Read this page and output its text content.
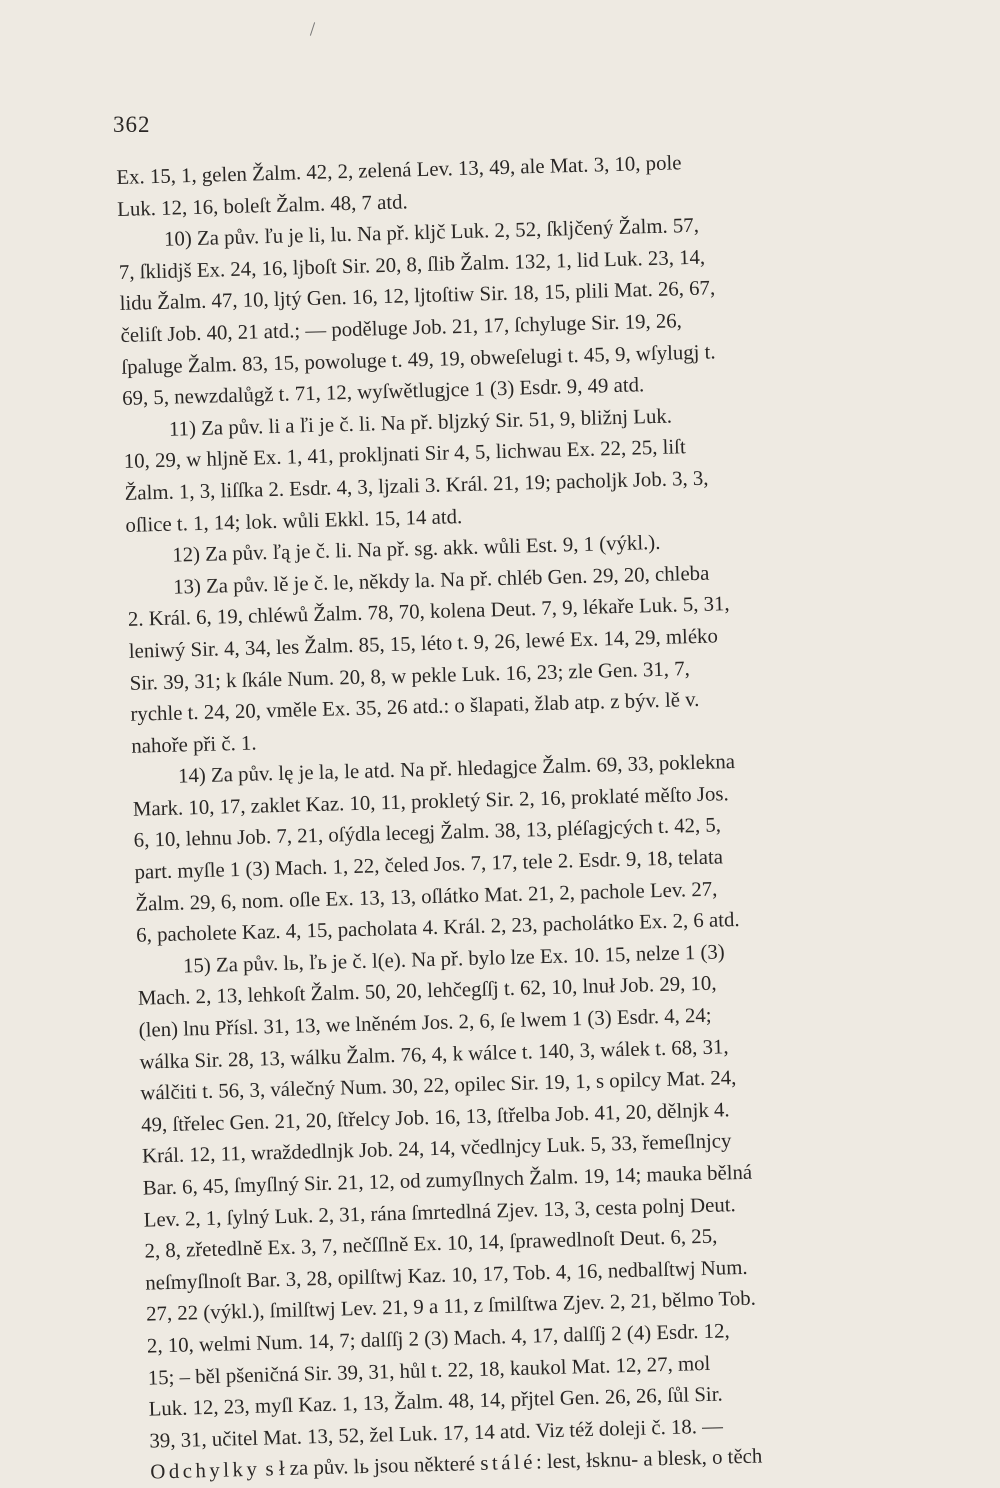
362
Ex. 15, 1, gelen Žalm. 42, 2, zelená Lev. 13, 49, ale Mat. 3, 10, pole
Luk. 12, 16, boleſt Žalm. 48, 7 atd.
10) Za pův. ľu je li, lu. Na př. kljč Luk. 2, 52, ſkljčený Žalm. 57,
7, ſklidjš Ex. 24, 16, ljboſt Sir. 20, 8, ſlib Žalm. 132, 1, lid Luk. 23, 14,
lidu Žalm. 47, 10, ljtý Gen. 16, 12, ljtoſtiw Sir. 18, 15, plili Mat. 26, 67,
čeliſt Job. 40, 21 atd.; — poděluge Job. 21, 17, ſchyluge Sir. 19, 26,
ſpaluge Žalm. 83, 15, powoluge t. 49, 19, obweſelugi t. 45, 9, wſylugj t.
69, 5, newzdalůgž t. 71, 12, wyſwětlugjce 1 (3) Esdr. 9, 49 atd.
11) Za pův. li a ľi je č. li. Na př. bljzký Sir. 51, 9, bližnj Luk.
10, 29, w hljně Ex. 1, 41, prokljnati Sir 4, 5, lichwau Ex. 22, 25, liſt
Žalm. 1, 3, liſſka 2. Esdr. 4, 3, ljzali 3. Král. 21, 19; pacholjk Job. 3, 3,
oſlice t. 1, 14; lok. wůli Ekkl. 15, 14 atd.
12) Za pův. ľą je č. li. Na př. sg. akk. wůli Est. 9, 1 (výkl.).
13) Za pův. lě je č. le, někdy la. Na př. chléb Gen. 29, 20, chleba
2. Král. 6, 19, chléwů Žalm. 78, 70, kolena Deut. 7, 9, lékaře Luk. 5, 31,
leniwý Sir. 4, 34, les Žalm. 85, 15, léto t. 9, 26, lewé Ex. 14, 29, mléko
Sir. 39, 31; k ſkále Num. 20, 8, w pekle Luk. 16, 23; zle Gen. 31, 7,
rychle t. 24, 20, vměle Ex. 35, 26 atd.: o šlapati, žlab atp. z býv. lě v.
nahoře při č. 1.
14) Za pův. lę je la, le atd. Na př. hledagjce Žalm. 69, 33, poklekna
Mark. 10, 17, zaklet Kaz. 10, 11, prokletý Sir. 2, 16, proklaté měſto Jos.
6, 10, lehnu Job. 7, 21, oſýdla lecegj Žalm. 38, 13, pléſagjcých t. 42, 5,
part. myſle 1 (3) Mach. 1, 22, čeled Jos. 7, 17, tele 2. Esdr. 9, 18, telata
Žalm. 29, 6, nom. oſle Ex. 13, 13, oſlátko Mat. 21, 2, pachole Lev. 27,
6, pacholete Kaz. 4, 15, pacholata 4. Král. 2, 23, pacholátko Ex. 2, 6 atd.
15) Za pův. lь, ľь je č. l(e). Na př. bylo lze Ex. 10. 15, nelze 1 (3)
Mach. 2, 13, lehkoſt Žalm. 50, 20, lehčegſſj t. 62, 10, lnuł Job. 29, 10,
(len) lnu Přísl. 31, 13, we lněném Jos. 2, 6, ſe lwem 1 (3) Esdr. 4, 24;
wálka Sir. 28, 13, wálku Žalm. 76, 4, k wálce t. 140, 3, wálek t. 68, 31,
wálčiti t. 56, 3, válečný Num. 30, 22, opilec Sir. 19, 1, s opilcy Mat. 24,
49, ſtřelec Gen. 21, 20, ſtřelcy Job. 16, 13, ſtřelba Job. 41, 20, dělnjk 4.
Král. 12, 11, wraždedlnjk Job. 24, 14, včedlnjcy Luk. 5, 33, řemeſlnjcy
Bar. 6, 45, ſmyſlný Sir. 21, 12, od zumyſlnych Žalm. 19, 14; mauka bělná
Lev. 2, 1, ſylný Luk. 2, 31, rána ſmrtedlná Zjev. 13, 3, cesta polnj Deut.
2, 8, zřetedlně Ex. 3, 7, nečſſlně Ex. 10, 14, ſprawedlnoſt Deut. 6, 25,
neſmyſlnoſt Bar. 3, 28, opilſtwj Kaz. 10, 17, Tob. 4, 16, nedbalſtwj Num.
27, 22 (výkl.), ſmilſtwj Lev. 21, 9 a 11, z ſmilſtwa Zjev. 2, 21, bělmo Tob.
2, 10, welmi Num. 14, 7; dalſſj 2 (3) Mach. 4, 17, dalſſj 2 (4) Esdr. 12,
15; – běl pšeničná Sir. 39, 31, hůl t. 22, 18, kaukol Mat. 12, 27, mol
Luk. 12, 23, myſl Kaz. 1, 13, Žalm. 48, 14, přjtel Gen. 26, 26, ſůl Sir.
39, 31, učitel Mat. 13, 52, žel Luk. 17, 14 atd. Viz též doleji č. 18. —
Odchylky s ł za pův. lь jsou některé stálé: lest, łsknu- a blesk, o těch
